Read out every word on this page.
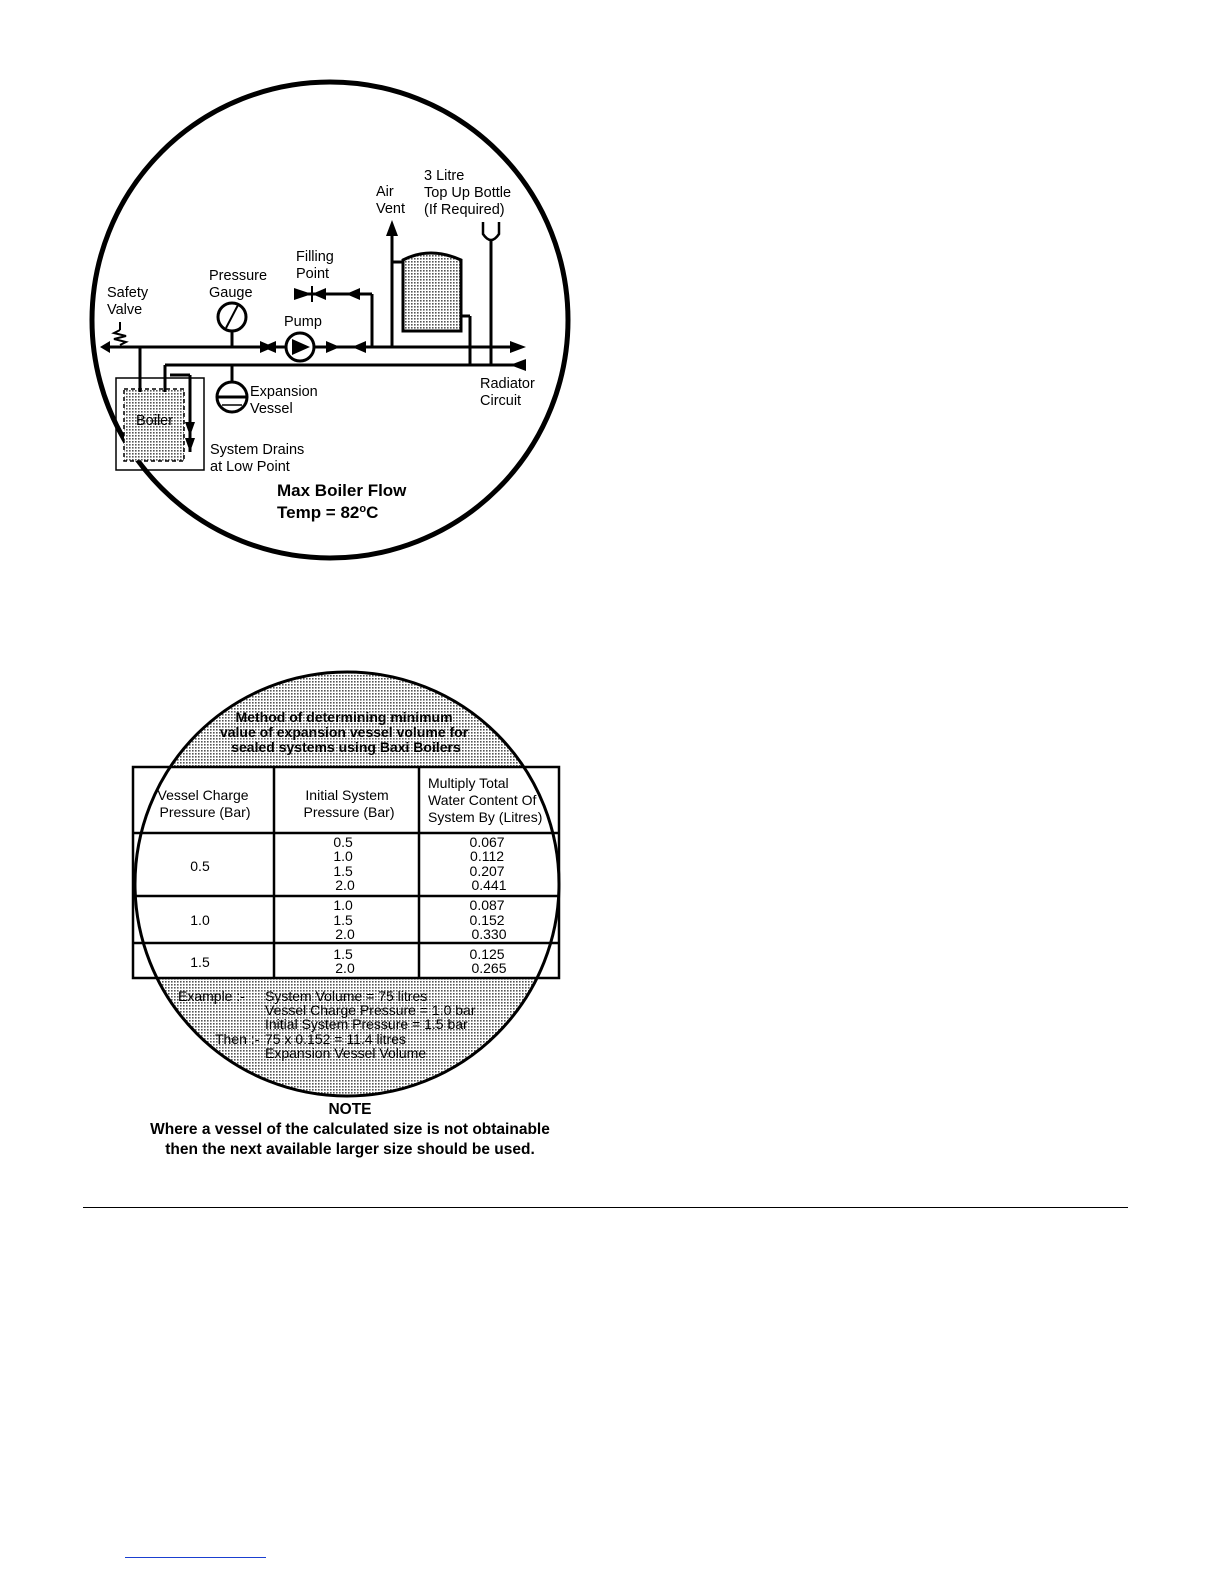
3 Litre Top Up Bottle (If Required)
Air Vent
Filling Point
Pressure Gauge
Safety Valve
Pump
Expansion Vessel
Radiator Circuit
Boiler
System Drains at Low Point
Max Boiler Flow
Temp = $82^oC$
Method of determining minimum value of expansion vessel volume for sealed systems using Baxi Boilers
Vessel Charge Pressure (Bar)
Initial System Pressure (Bar)
Multiply Total Water Content Of System By (Litres)
0.5
0.5 1.0 1.5 2.0
0.067 0.112 0.207 0.441
1.0
1.0 1.5 2.0
0.087 0.152 0.330
1.5	1.5 2.0
0.125 0.265
Example :- System Volume = 75 litres Vessel Charge Pressure = 1.0 bar Initial System Pressure = 1.5 bar
Then :- 75 x 0.152 = 11.4 litres Expansion Vessel Volume
NOTE
Where a vessel of the calculated size is not obtainable
then the next available larger size should be used.
